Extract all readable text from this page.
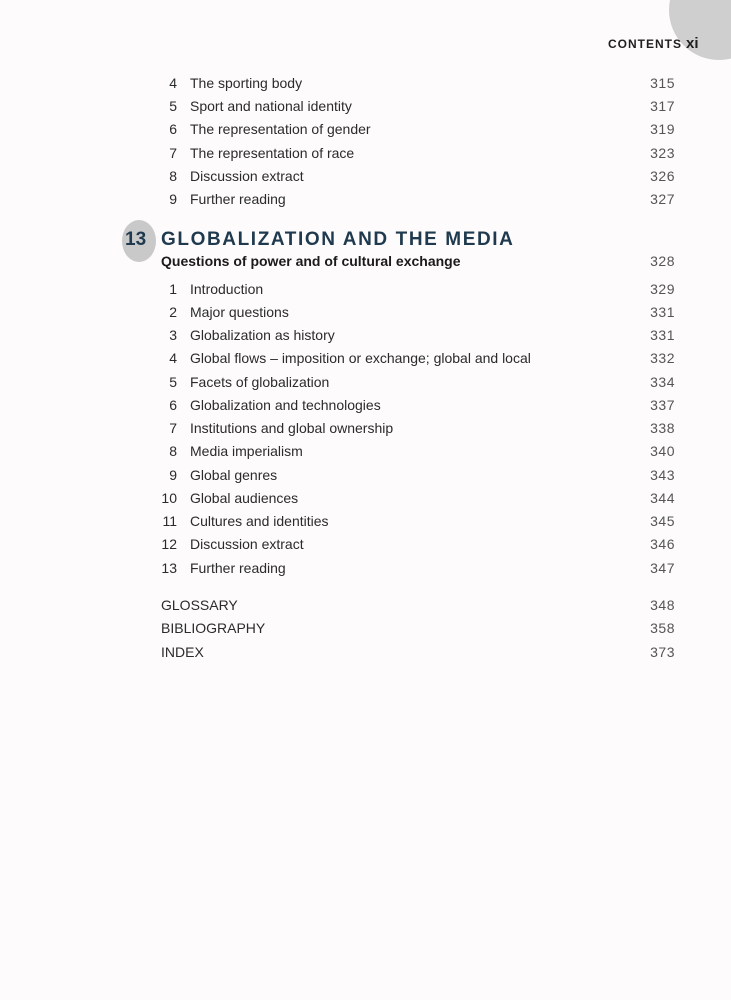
CONTENTS xi
4 The sporting body	315
5 Sport and national identity	317
6 The representation of gender	319
7 The representation of race	323
8 Discussion extract	326
9 Further reading	327
13 GLOBALIZATION AND THE MEDIA
Questions of power and of cultural exchange	328
1 Introduction	329
2 Major questions	331
3 Globalization as history	331
4 Global flows – imposition or exchange; global and local	332
5 Facets of globalization	334
6 Globalization and technologies	337
7 Institutions and global ownership	338
8 Media imperialism	340
9 Global genres	343
10 Global audiences	344
11 Cultures and identities	345
12 Discussion extract	346
13 Further reading	347
GLOSSARY	348
BIBLIOGRAPHY	358
INDEX	373
